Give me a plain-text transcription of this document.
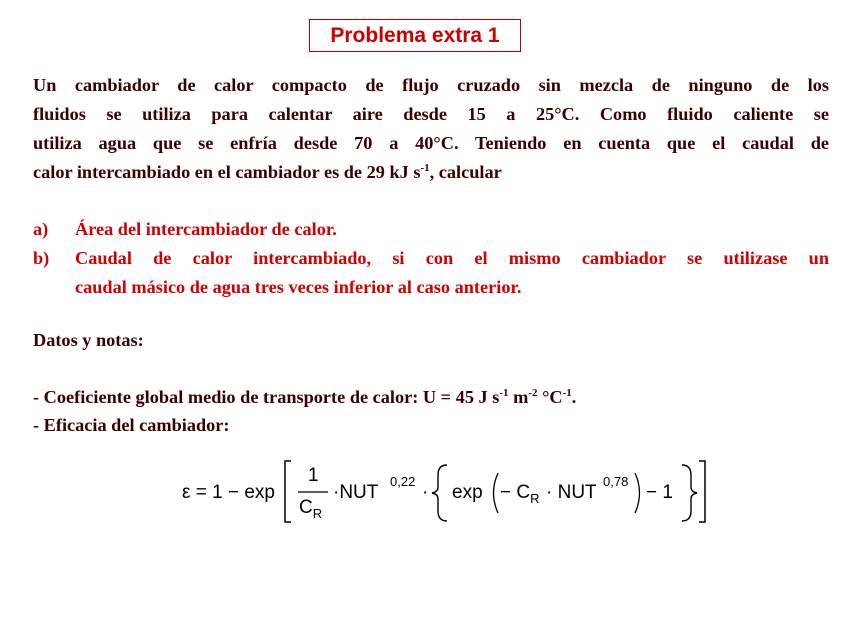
Problema extra 1
Un cambiador de calor compacto de flujo cruzado sin mezcla de ninguno de los
fluidos se utiliza para calentar aire desde 15 a 25°C. Como fluido caliente se
utiliza agua que se enfría desde 70 a 40°C. Teniendo en cuenta que el caudal de
calor intercambiado en el cambiador es de 29 kJ $s^{-1}$, calcular
a) Área del intercambiador de calor.
b) Caudal de calor intercambiado, si con el mismo cambiador se utilizase un
caudal másico de agua tres veces inferior al caso anterior.
Datos y notas:
- Coeficiente global medio de transporte de calor: U = 45 J $s^{-1}$ $m^{-2}$ $^\circ C^{-1}$.
- Eficacia del cambiador:
ε = 1 − exp
1
$C_R$
·NUT
0,22
· $\exp - C_R$ · NUT
0,78
− 1
